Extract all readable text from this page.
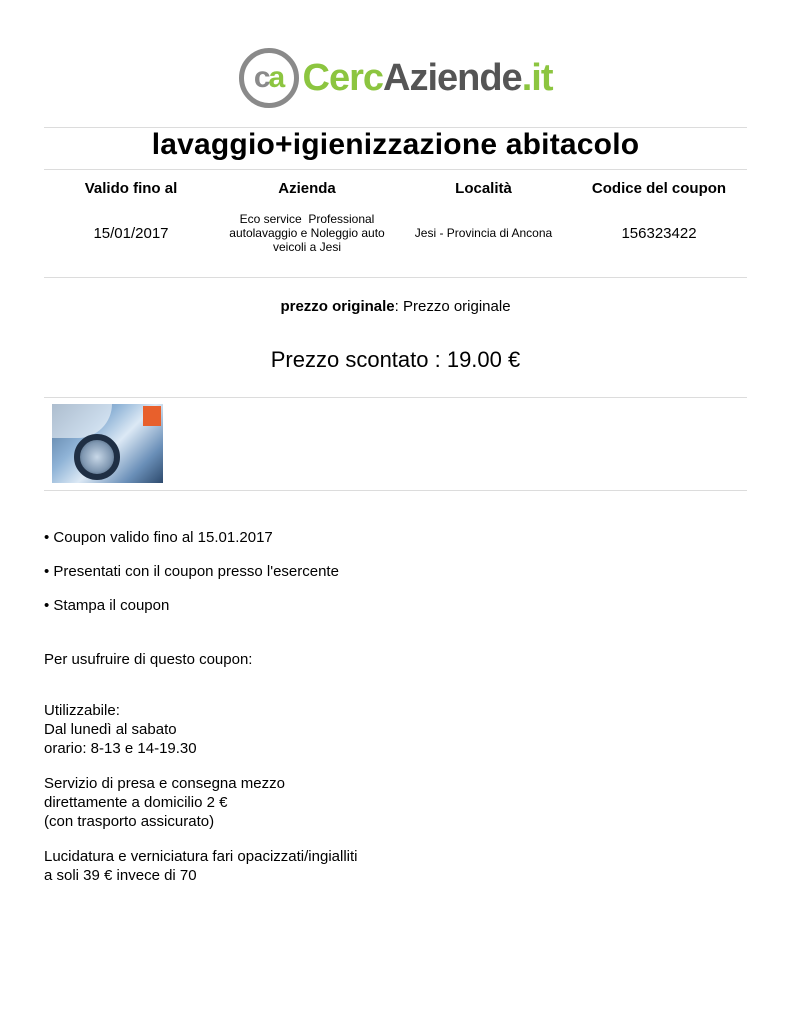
c a CercAziende.it
lavaggio+igienizzazione abitacolo
Valido fino al
15/01/2017
Azienda
Eco service  Professional
autolavaggio e Noleggio auto
veicoli a Jesi
Località
Jesi - Provincia di Ancona
Codice del coupon
156323422
prezzo originale: Prezzo originale
Prezzo scontato : 19.00 €

• Coupon valido fino al 15.01.2017

• Presentati con il coupon presso l'esercente

• Stampa il coupon

Per usufruire di questo coupon:

Utilizzabile:

Dal lunedì al sabato

orario: 8-13 e 14-19.30

Servizio di presa e consegna mezzo

direttamente a domicilio 2 €

(con trasporto assicurato)

Lucidatura e verniciatura fari opacizzati/ingialliti

a soli 39 € invece di 70
